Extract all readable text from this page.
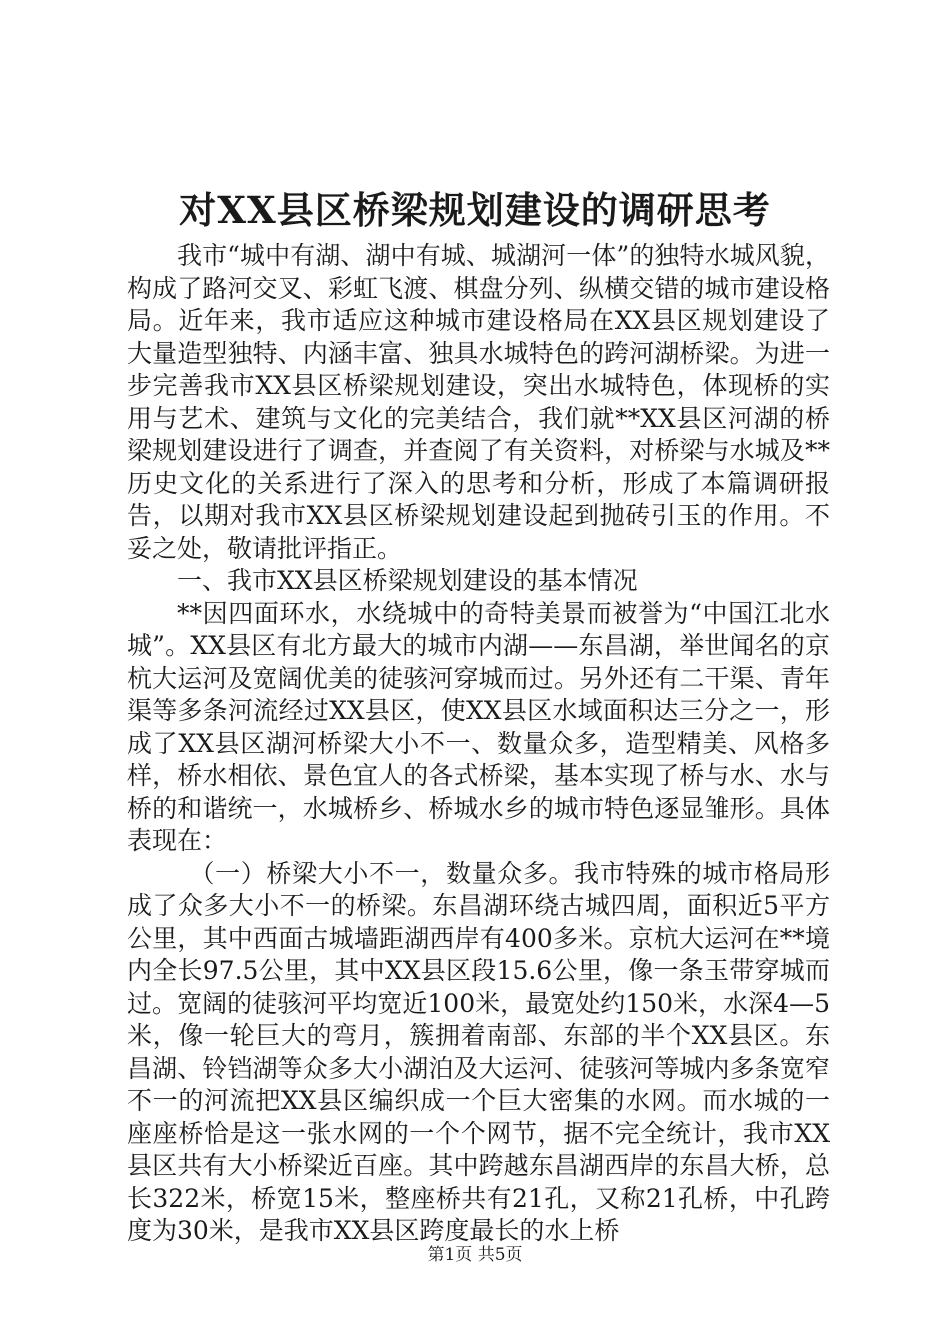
对XX县区桥梁规划建设的调研思考

我市“城中有湖、湖中有城、城湖河一体”的独特水城风貌，构成了路河交叉、彩虹飞渡、棋盘分列、纵横交错的城市建设格局。近年来，我市适应这种城市建设格局在XX县区规划建设了大量造型独特、内涵丰富、独具水城特色的跨河湖桥梁。为进一步完善我市XX县区桥梁规划建设，突出水城特色，体现桥的实用与艺术、建筑与文化的完美结合，我们就**XX县区河湖的桥梁规划建设进行了调查，并查阅了有关资料，对桥梁与水城及**历史文化的关系进行了深入的思考和分析，形成了本篇调研报告，以期对我市XX县区桥梁规划建设起到抛砖引玉的作用。不妥之处，敬请批评指正。

一、我市XX县区桥梁规划建设的基本情况

**因四面环水，水绕城中的奇特美景而被誉为“中国江北水城”。XX县区有北方最大的城市内湖——东昌湖，举世闻名的京杭大运河及宽阔优美的徒骇河穿城而过。另外还有二干渠、青年渠等多条河流经过XX县区，使XX县区水域面积达三分之一，形成了XX县区湖河桥梁大小不一、数量众多，造型精美、风格多样，桥水相依、景色宜人的各式桥梁，基本实现了桥与水、水与桥的和谐统一，水城桥乡、桥城水乡的城市特色逐显雏形。具体表现在：

（一）桥梁大小不一，数量众多。我市特殊的城市格局形成了众多大小不一的桥梁。东昌湖环绕古城四周，面积近5平方公里，其中西面古城墙距湖西岸有400多米。京杭大运河在**境内全长97.5公里，其中XX县区段15.6公里，像一条玉带穿城而过。宽阔的徒骇河平均宽近100米，最宽处约150米，水深4—5米，像一轮巨大的弯月，簇拥着南部、东部的半个XX县区。东昌湖、铃铛湖等众多大小湖泊及大运河、徒骇河等城内多条宽窄不一的河流把XX县区编织成一个巨大密集的水网。而水城的一座座桥恰是这一张水网的一个个网节，据不完全统计，我市XX县区共有大小桥梁近百座。其中跨越东昌湖西岸的东昌大桥，总长322米，桥宽15米，整座桥共有21孔，又称21孔桥，中孔跨度为30米，是我市XX县区跨度最长的水上桥

第1页 共5页
